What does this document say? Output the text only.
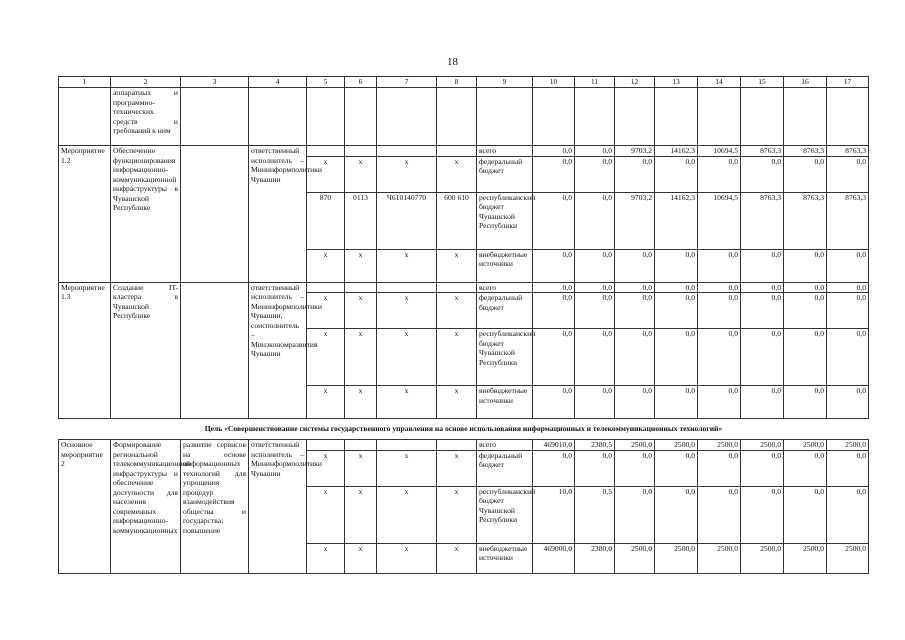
18
1	2	3	4	5	6	7	8	9	10	11	12	13	14	15	16	17
	аппаратных и программно-технических средств и требований к ним															
Мероприятие 1.2	Обеспечение функционирования информационно-коммуникационной инфраструктуры в Чувашской Республике		ответственный исполнитель – Мининформполитики Чувашии					всего	0,0	0,0	9703,2	14162,3	10694,5	8763,3	8763,3	8763,3
				x	x	x	x	федеральный бюджет	0,0	0,0	0,0	0,0	0,0	0,0	0,0	0,0
				870	0113	Ч610140770	600 610	республиканский бюджет Чувашской Республики	0,0	0,0	9703,2	14162,3	10694,5	8763,3	8763,3	8763,3
				x	x	x	x	внебюджетные источники	0,0	0,0	0,0	0,0	0,0	0,0	0,0	0,0
Мероприятие 1.3	Создание IT-кластера в Чувашской Республике		ответственный исполнитель – Мининформполитики Чувашии, соисполнитель – Минэкономразвития Чувашии					всего	0,0	0,0	0,0	0,0	0,0	0,0	0,0	0,0
				x	x	x	x	федеральный бюджет	0,0	0,0	0,0	0,0	0,0	0,0	0,0	0,0
				x	x	x	x	республиканский бюджет Чувашской Республики	0,0	0,0	0,0	0,0	0,0	0,0	0,0	0,0
				x	x	x	x	внебюджетные источники	0,0	0,0	0,0	0,0	0,0	0,0	0,0	0,0
Цель «Совершенствование системы государственного управления на основе использования информационных и телекоммуникационных технологий»																
Основное мероприятие 2	Формирование региональной телекоммуникационной инфраструктуры и обеспечение доступности для населения современных информационно-коммуникационных	развитие сервисов на основе информационных технологий для упрощения процедур взаимодействия общества и государства; повышение	ответственный исполнитель – Мининформполитики Чувашии					всего	469010,0	2380,5	2500,0	2500,0	2500,0	2500,0	2500,0	2500,0
				x	x	x	x	федеральный бюджет	0,0	0,0	0,0	0,0	0,0	0,0	0,0	0,0
				x	x	x	x	республиканский бюджет Чувашской Республики	10,0	0,5	0,0	0,0	0,0	0,0	0,0	0,0
				x	x	x	x	внебюджетные источники	469000,0	2380,0	2500,0	2500,0	2500,0	2500,0	2500,0	2500,0
